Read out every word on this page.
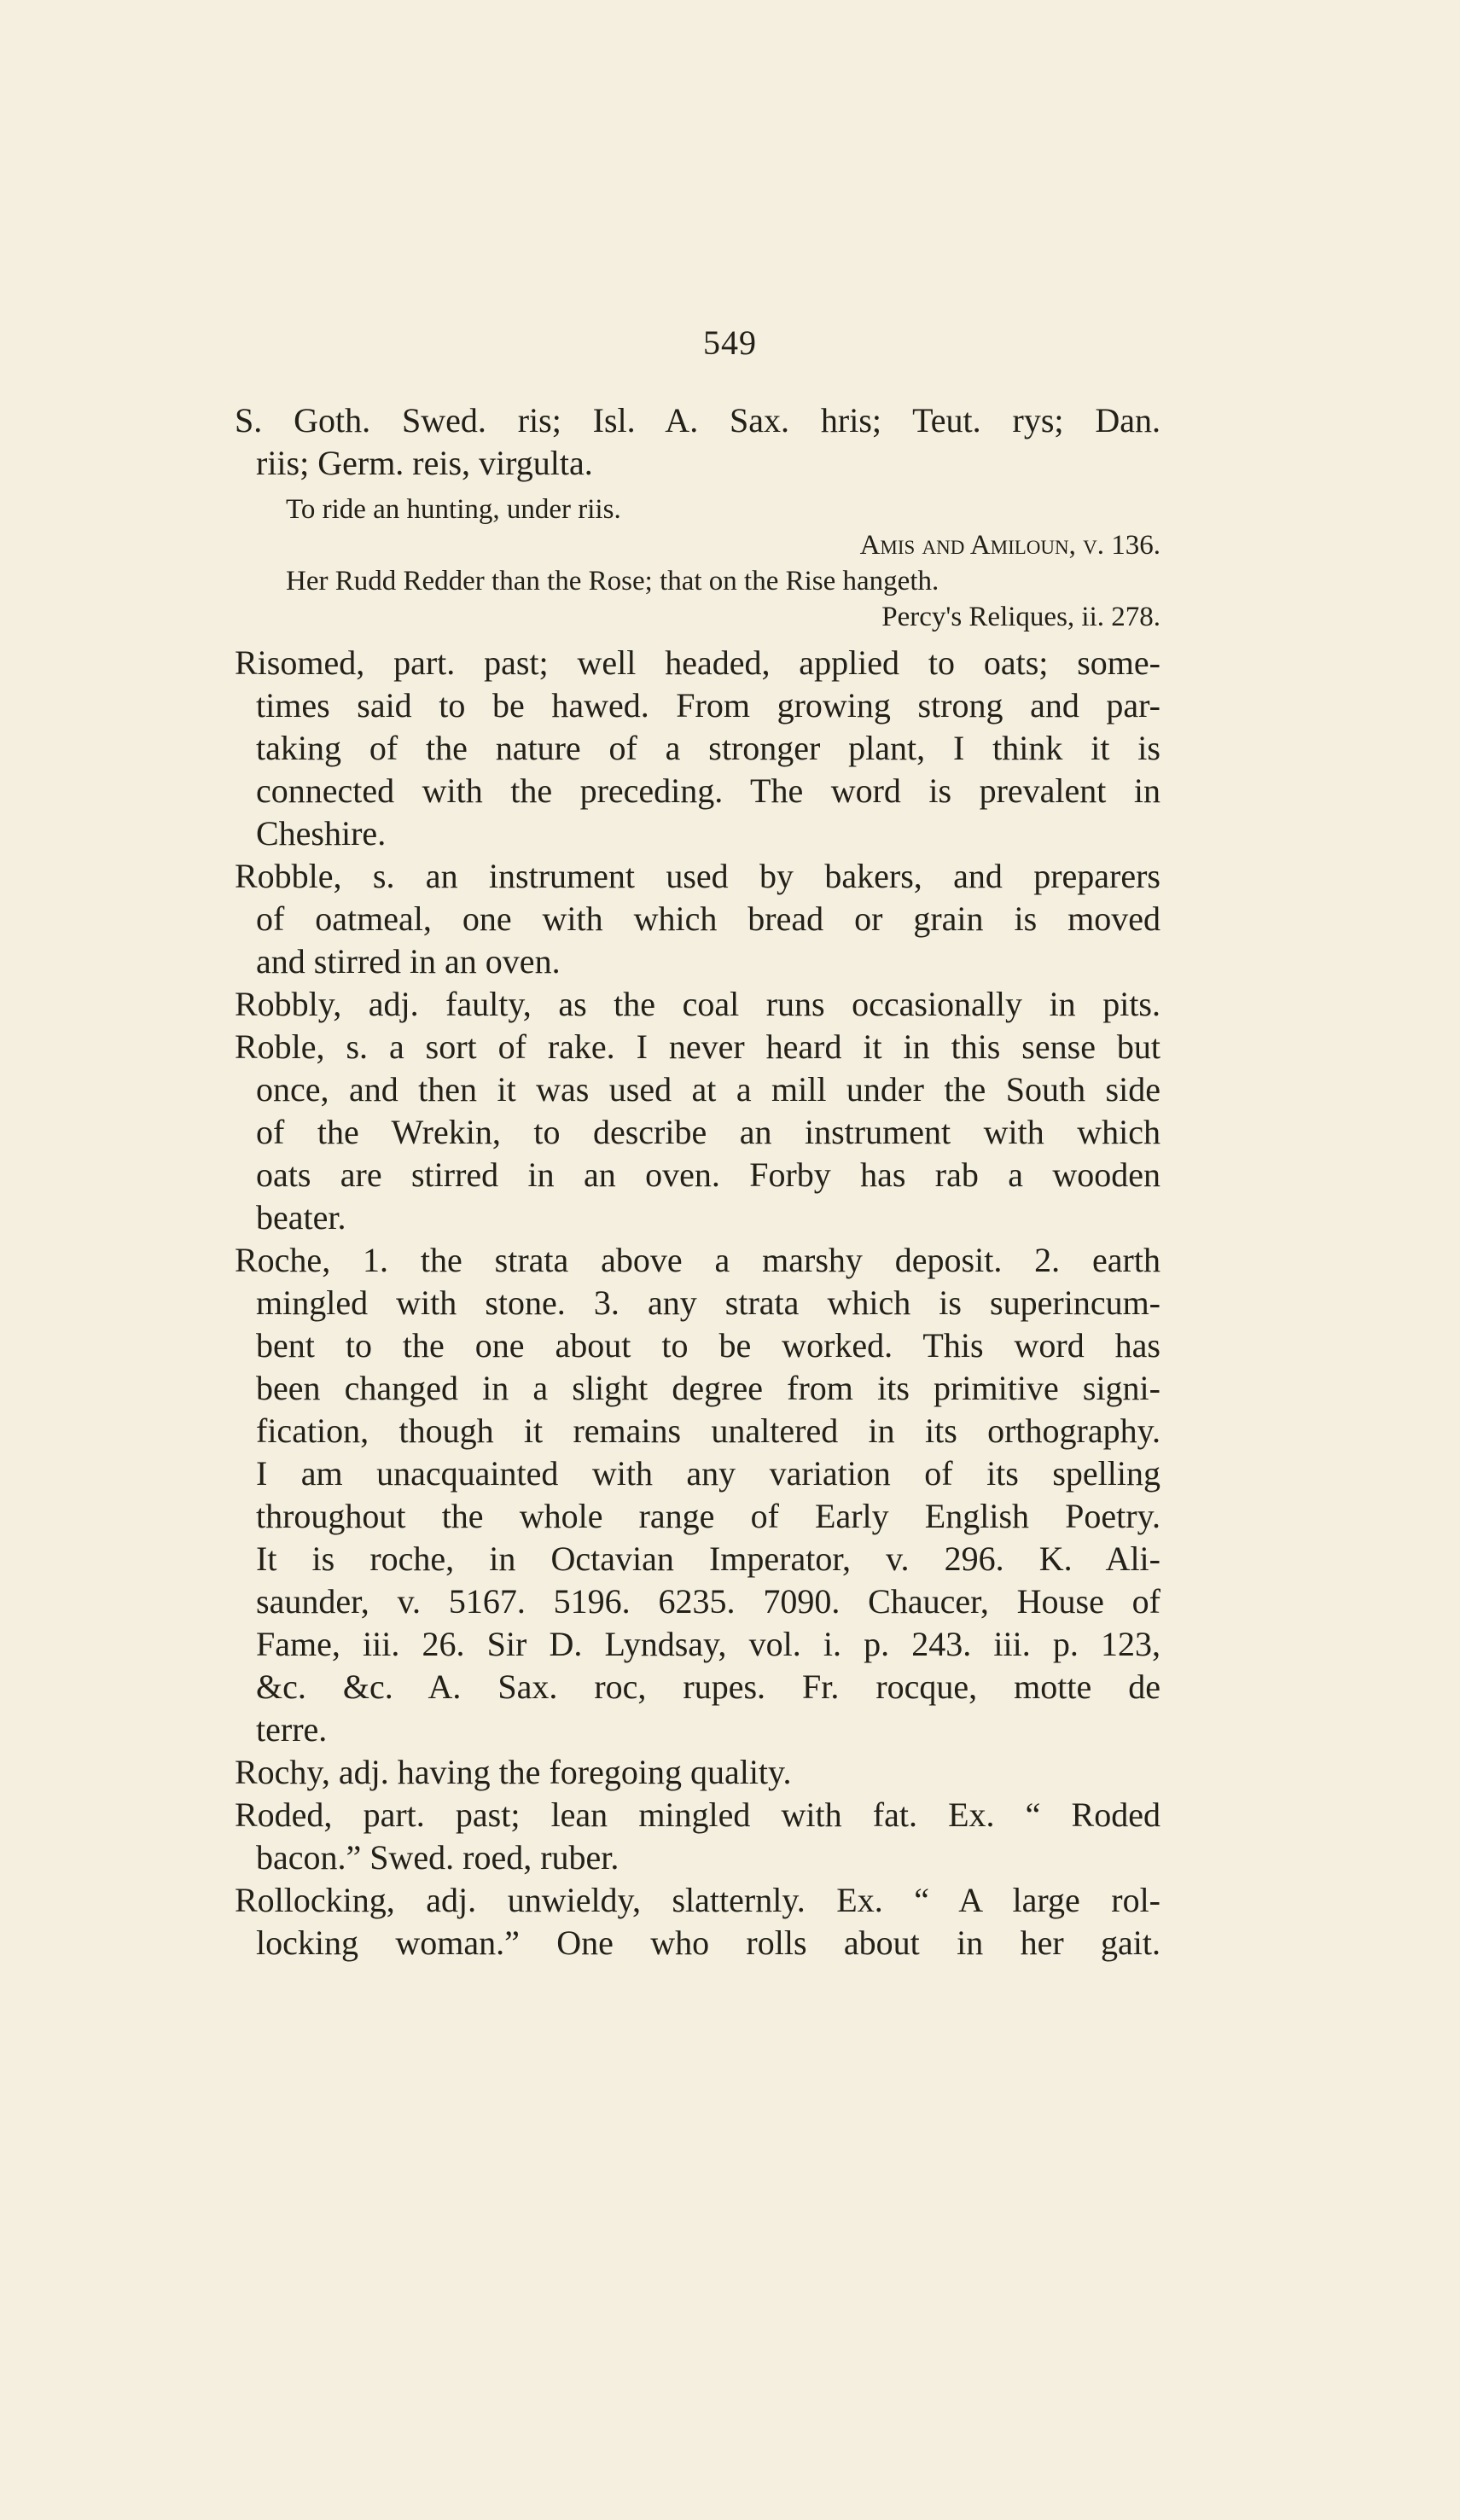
549
S. Goth. Swed. ris; Isl. A. Sax. hris; Teut. rys; Dan.
riis; Germ. reis, virgulta.
To ride an hunting, under riis.
Amis and Amiloun, v. 136.
Her Rudd Redder than the Rose; that on the Rise hangeth.
Percy's Reliques, ii. 278.
Risomed, part. past; well headed, applied to oats; some-
times said to be hawed. From growing strong and par-
taking of the nature of a stronger plant, I think it is
connected with the preceding. The word is prevalent in
Cheshire.
Robble, s. an instrument used by bakers, and preparers
of oatmeal, one with which bread or grain is moved
and stirred in an oven.
Robbly, adj. faulty, as the coal runs occasionally in pits.
Roble, s. a sort of rake. I never heard it in this sense but
once, and then it was used at a mill under the South side
of the Wrekin, to describe an instrument with which
oats are stirred in an oven. Forby has rab a wooden
beater.
Roche, 1. the strata above a marshy deposit. 2. earth
mingled with stone. 3. any strata which is superincum-
bent to the one about to be worked. This word has
been changed in a slight degree from its primitive signi-
fication, though it remains unaltered in its orthography.
I am unacquainted with any variation of its spelling
throughout the whole range of Early English Poetry.
It is roche, in Octavian Imperator, v. 296. K. Ali-
saunder, v. 5167. 5196. 6235. 7090. Chaucer, House of
Fame, iii. 26. Sir D. Lyndsay, vol. i. p. 243. iii. p. 123,
&c. &c. A. Sax. roc, rupes. Fr. rocque, motte de
terre.
Rochy, adj. having the foregoing quality.
Roded, part. past; lean mingled with fat. Ex. “ Roded
bacon.” Swed. roed, ruber.
Rollocking, adj. unwieldy, slatternly. Ex. “ A large rol-
locking woman.” One who rolls about in her gait.
